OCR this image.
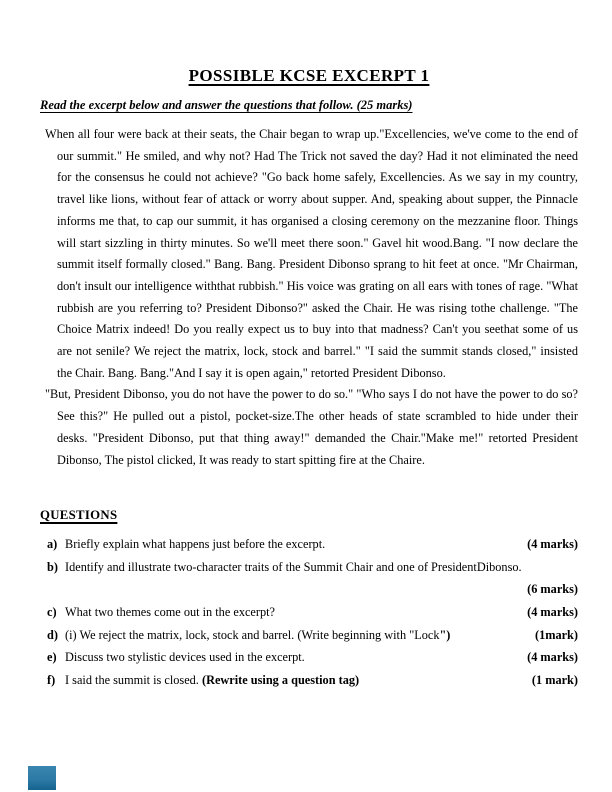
POSSIBLE KCSE EXCERPT 1
Read the excerpt below and answer the questions that follow. (25 marks)

When all four were back at their seats, the Chair began to wrap up."Excellencies, we've come to the end of our summit." He smiled, and why not? Had The Trick not saved the day? Had it not eliminated the need for the consensus he could not achieve? "Go back home safely, Excellencies. As we say in my country, travel like lions, without fear of attack or worry about supper. And, speaking about supper, the Pinnacle informs me that, to cap our summit, it has organised a closing ceremony on the mezzanine floor. Things will start sizzling in thirty minutes. So we'll meet there soon." Gavel hit wood.Bang. "I now declare the summit itself formally closed." Bang. Bang. President Dibonso sprang to hit feet at once. "Mr Chairman, don't insult our intelligence withthat rubbish." His voice was grating on all ears with tones of rage. "What rubbish are you referring to? President Dibonso?" asked the Chair. He was rising tothe challenge. "The Choice Matrix indeed! Do you really expect us to buy into that madness? Can't you seethat some of us are not senile? We reject the matrix, lock, stock and barrel." "I said the summit stands closed," insisted the Chair. Bang. Bang."And I say it is open again," retorted President Dibonso.

"But, President Dibonso, you do not have the power to do so." "Who says I do not have the power to do so? See this?" He pulled out a pistol, pocket-size.The other heads of state scrambled to hide under their desks. "President Dibonso, put that thing away!" demanded the Chair."Make me!" retorted President Dibonso, The pistol clicked, It was ready to start spitting fire at the Chaire.

QUESTIONS
a) Briefly explain what happens just before the excerpt.	(4 marks)
b) Identify and illustrate two-character traits of the Summit Chair and one of PresidentDibonso.
(6 marks)
c) What two themes come out in the excerpt?	(4 marks)
d) (i) We reject the matrix, lock, stock and barrel. (Write beginning with "Lock")	(1mark)
e) Discuss two stylistic devices used in the excerpt.	(4 marks)
f) I said the summit is closed. (Rewrite using a question tag)	(1 mark)
